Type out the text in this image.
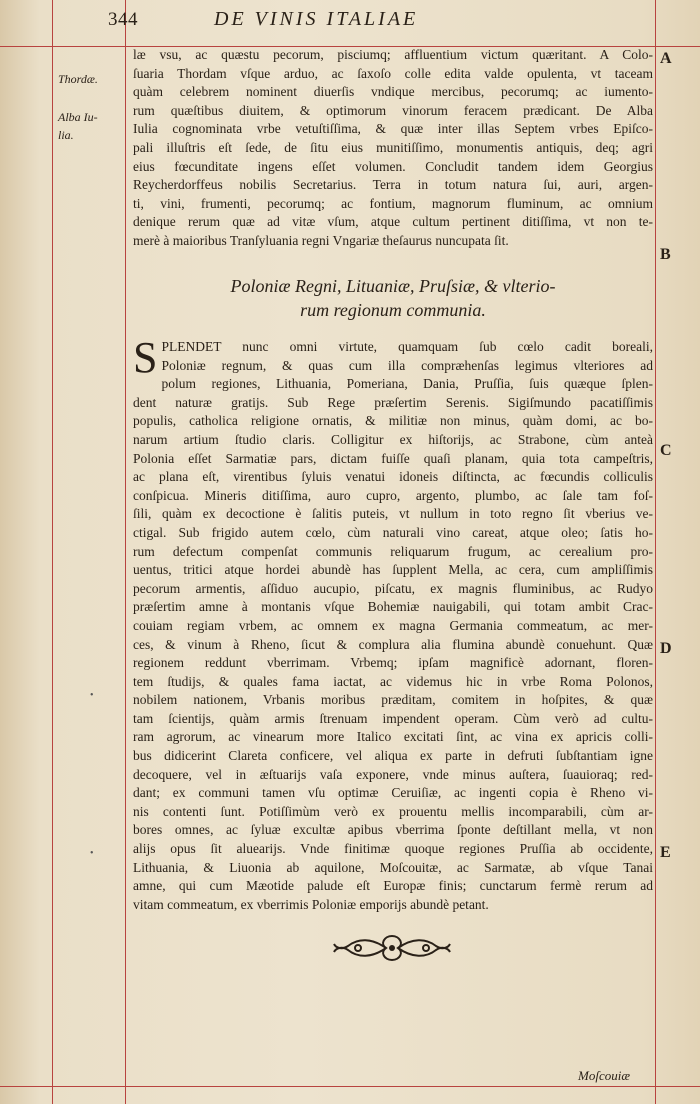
344	DE VINIS ITALIAE
Thordæ.
Alba Iu-
lia.
A
B
C
D
E
læ vsu, ac quæstu pecorum, pisciumq; affluentium victum quæritant. A Colo-
ſuaria Thordam vſque arduo, ac ſaxoſo colle edita valde opulenta, vt taceam
quàm celebrem nominent diuerſis vndique mercibus, pecorumq; ac iumento-
rum quæſtibus diuitem, & optimorum vinorum feracem prædicant. De Alba
Iulia cognominata vrbe vetuſtiſſima, & quæ inter illas Septem vrbes Epiſco-
pali illuſtris eſt ſede, de ſitu eius munitiſſimo, monumentis antiquis, deq; agri
eius fœcunditate ingens eſſet volumen. Concludit tandem idem Georgius
Reycherdorffeus nobilis Secretarius. Terra in totum natura ſui, auri, argen-
ti, vini, frumenti, pecorumq; ac fontium, magnorum fluminum, ac omnium
denique rerum quæ ad vitæ vſum, atque cultum pertinent ditiſſima, vt non te-
merè à maioribus Tranſyluania regni Vngariæ theſaurus nuncupata ſit.
Poloniæ Regni, Lituaniæ, Pruſsiæ, & vlterio-
rum regionum communia.
S PLENDET nunc omni virtute, quamquam ſub cœlo cadit boreali,
Poloniæ regnum, & quas cum illa compræhenſas legimus vlteriores ad
polum regiones, Lithuania, Pomeriana, Dania, Pruſſia, ſuis quæque ſplen-
dent naturæ gratijs. Sub Rege præſertim Serenis. Sigiſmundo pacatiſſimis
populis, catholica religione ornatis, & militiæ non minus, quàm domi, ac bo-
narum artium ſtudio claris. Colligitur ex hiſtorijs, ac Strabone, cùm anteà
Polonia eſſet Sarmatiæ pars, dictam fuiſſe quaſi planam, quia tota campeſtris,
ac plana eſt, virentibus ſyluis venatui idoneis diſtincta, ac fœcundis colliculis
conſpicua. Mineris ditiſſima, auro cupro, argento, plumbo, ac ſale tam foſ-
ſili, quàm ex decoctione è ſalitis puteis, vt nullum in toto regno ſit vberius ve-
ctigal. Sub frigido autem cœlo, cùm naturali vino careat, atque oleo; ſatis ho-
rum defectum compenſat communis reliquarum frugum, ac cerealium pro-
uentus, tritici atque hordei abundè has ſupplent Mella, ac cera, cum ampliſſimis
pecorum armentis, aſſiduo aucupio, piſcatu, ex magnis fluminibus, ac Rudyo
præſertim amne à montanis vſque Bohemiæ nauigabili, qui totam ambit Crac-
couiam regiam vrbem, ac omnem ex magna Germania commeatum, ac mer-
ces, & vinum à Rheno, ſicut & complura alia flumina abundè conuehunt. Quæ
regionem reddunt vberrimam. Vrbemq; ipſam magnificè adornant, floren-
tem ſtudijs, & quales fama iactat, ac videmus hic in vrbe Roma Polonos,
nobilem nationem, Vrbanis moribus præditam, comitem in hoſpites, & quæ
tam ſcientijs, quàm armis ſtrenuam impendent operam. Cùm verò ad cultu-
ram agrorum, ac vinearum more Italico excitati ſint, ac vina ex apricis colli-
bus didicerint Clareta conficere, vel aliqua ex parte in defruti ſubſtantiam igne
decoquere, vel in æſtuarijs vaſa exponere, vnde minus auſtera, ſuauioraq; red-
dant; ex communi tamen vſu optimæ Ceruiſiæ, ac ingenti copia è Rheno vi-
nis contenti ſunt. Potiſſimùm verò ex prouentu mellis incomparabili, cùm ar-
bores omnes, ac ſyluæ excultæ apibus vberrima ſponte deſtillant mella, vt non
alijs opus ſit aluearijs. Vnde finitimæ quoque regiones Pruſſia ab occidente,
Lithuania, & Liuonia ab aquilone, Moſcouitæ, ac Sarmatæ, ab vſque Tanai
amne, qui cum Mæotide palude eſt Europæ finis; cunctarum fermè rerum ad
vitam commeatum, ex vberrimis Poloniæ emporijs abundè petant.
Moſcouiæ
•
•
